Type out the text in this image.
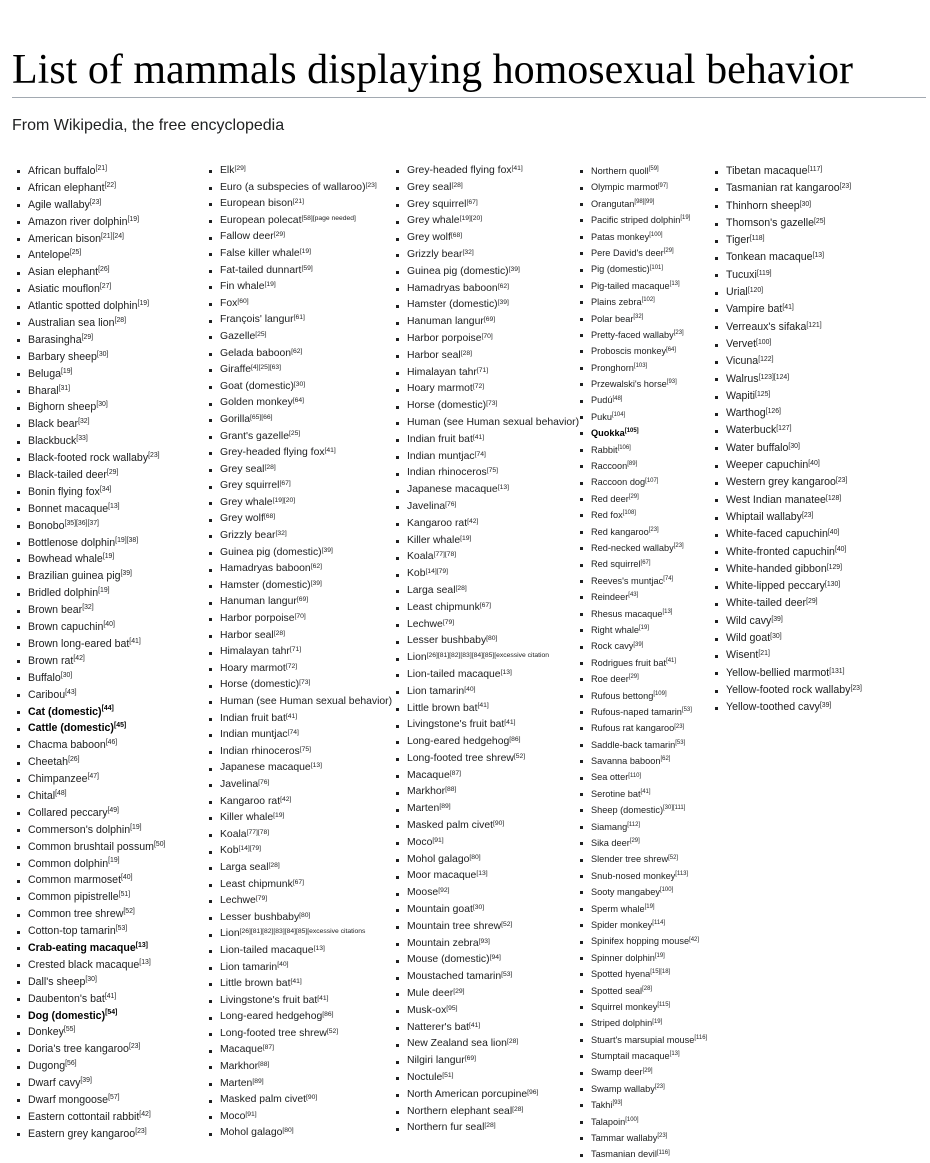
List of mammals displaying homosexual behavior
From Wikipedia, the free encyclopedia
African buffalo[21]
African elephant[22]
Agile wallaby[23]
Amazon river dolphin[19]
American bison[21][24]
Antelope[25]
Asian elephant[26]
Asiatic mouflon[27]
Atlantic spotted dolphin[19]
Australian sea lion[28]
Barasingha[29]
Barbary sheep[30]
Beluga[19]
Bharal[31]
Bighorn sheep[30]
Black bear[32]
Blackbuck[33]
Black-footed rock wallaby[23]
Black-tailed deer[29]
Bonin flying fox[34]
Bonnet macaque[13]
Bonobo[35][36][37]
Bottlenose dolphin[19][38]
Bowhead whale[19]
Brazilian guinea pig[39]
Bridled dolphin[19]
Brown bear[32]
Brown capuchin[40]
Brown long-eared bat[41]
Brown rat[42]
Buffalo[30]
Caribou[43]
Cat (domestic)[44]
Cattle (domestic)[45]
Chacma baboon[46]
Cheetah[26]
Chimpanzee[47]
Chital[48]
Collared peccary[49]
Commerson's dolphin[19]
Common brushtail possum[50]
Common dolphin[19]
Common marmoset[40]
Common pipistrelle[51]
Common tree shrew[52]
Cotton-top tamarin[53]
Crab-eating macaque[13]
Crested black macaque[13]
Dall's sheep[30]
Daubenton's bat[41]
Dog (domestic)[54]
Donkey[55]
Doria's tree kangaroo[23]
Dugong[56]
Dwarf cavy[39]
Dwarf mongoose[57]
Eastern cottontail rabbit[42]
Eastern grey kangaroo[23]
Elk[29]
Euro (a subspecies of wallaroo)[23]
European bison[21]
European polecat[58][page needed]
Fallow deer[29]
False killer whale[19]
Fat-tailed dunnart[59]
Fin whale[19]
Fox[60]
François' langur[61]
Gazelle[25]
Gelada baboon[62]
Giraffe[4][25][63]
Goat (domestic)[30]
Golden monkey[64]
Gorilla[65][66]
Grant's gazelle[25]
Grey-headed flying fox[41]
Grey seal[28]
Grey squirrel[67]
Grey whale[19][20]
Grey wolf[68]
Grizzly bear[32]
Guinea pig (domestic)[39]
Hamadryas baboon[62]
Hamster (domestic)[39]
Hanuman langur[69]
Harbor porpoise[70]
Harbor seal[28]
Himalayan tahr[71]
Hoary marmot[72]
Horse (domestic)[73]
Human (see Human sexual behavior)
Indian fruit bat[41]
Indian muntjac[74]
Indian rhinoceros[75]
Japanese macaque[13]
Javelina[76]
Kangaroo rat[42]
Killer whale[19]
Koala[77][78]
Kob[14][79]
Larga seal[28]
Least chipmunk[67]
Lechwe[79]
Lesser bushbaby[80]
Lion$^{[26][81][82][83][84][85][excessive citations}$
Lion-tailed macaque[13]
Lion tamarin[40]
Little brown bat[41]
Livingstone's fruit bat[41]
Long-eared hedgehog[86]
Long-footed tree shrew[52]
Macaque[87]
Markhor[88]
Marten[89]
Masked palm civet[90]
Moco[91]
Mohol galago[80]
Grey-headed flying fox[41]
Grey seal[28]
Grey squirrel[67]
Grey whale[19][20]
Grey wolf[68]
Grizzly bear[32]
Guinea pig (domestic)[39]
Hamadryas baboon[62]
Hamster (domestic)[39]
Hanuman langur[69]
Harbor porpoise[70]
Harbor seal[28]
Himalayan tahr[71]
Hoary marmot[72]
Horse (domestic)[73]
Human (see Human sexual behavior)
Indian fruit bat[41]
Indian muntjac[74]
Indian rhinoceros[75]
Japanese macaque[13]
Javelina[76]
Kangaroo rat[42]
Killer whale[19]
Koala[77][78]
Kob[14][79]
Larga seal[28]
Least chipmunk[67]
Lechwe[79]
Lesser bushbaby[80]
Lion$^{[26][81][82][83][84][85][excessive citation}$
Lion-tailed macaque[13]
Lion tamarin[40]
Little brown bat[41]
Livingstone's fruit bat[41]
Long-eared hedgehog[86]
Long-footed tree shrew[52]
Macaque[87]
Markhor[88]
Marten[89]
Masked palm civet[90]
Moco[91]
Mohol galago[80]
Moor macaque[13]
Moose[92]
Mountain goat[30]
Mountain tree shrew[52]
Mountain zebra[93]
Mouse (domestic)[94]
Moustached tamarin[53]
Mule deer[29]
Musk-ox[95]
Natterer's bat[41]
New Zealand sea lion[28]
Nilgiri langur[69]
Noctule[51]
North American porcupine[96]
Northern elephant seal[28]
Northern fur seal[28]
Northern quoll[59]
Olympic marmot[97]
Orangutan[98][99]
Pacific striped dolphin[19]
Patas monkey[100]
Pere David's deer[29]
Pig (domestic)[101]
Pig-tailed macaque[13]
Plains zebra[102]
Polar bear[32]
Pretty-faced wallaby[23]
Proboscis monkey[64]
Pronghorn[103]
Przewalski's horse[93]
Pudú[48]
Puku[104]
Quokka[105]
Rabbit[106]
Raccoon[89]
Raccoon dog[107]
Red deer[29]
Red fox[108]
Red kangaroo[23]
Red-necked wallaby[23]
Red squirrel[67]
Reeves's muntjac[74]
Reindeer[43]
Rhesus macaque[13]
Right whale[19]
Rock cavy[39]
Rodrigues fruit bat[41]
Roe deer[29]
Rufous bettong[109]
Rufous-naped tamarin[53]
Rufous rat kangaroo[23]
Saddle-back tamarin[53]
Savanna baboon[62]
Sea otter[110]
Serotine bat[41]
Sheep (domestic)[30][111]
Siamang[112]
Sika deer[29]
Slender tree shrew[52]
Snub-nosed monkey[113]
Sooty mangabey[100]
Sperm whale[19]
Spider monkey[114]
Spinifex hopping mouse[42]
Spinner dolphin[19]
Spotted hyena[15][18]
Spotted seal[28]
Squirrel monkey[115]
Striped dolphin[19]
Stuart's marsupial mouse[116]
Stumptail macaque[13]
Swamp deer[29]
Swamp wallaby[23]
Takhi[93]
Talapoin[100]
Tammar wallaby[23]
Tasmanian devil[116]
Tibetan macaque[117]
Tasmanian rat kangaroo[23]
Thinhorn sheep[30]
Thomson's gazelle[25]
Tiger[118]
Tonkean macaque[13]
Tucuxi[119]
Urial[120]
Vampire bat[41]
Verreaux's sifaka[121]
Vervet[100]
Vicuna[122]
Walrus[123][124]
Wapiti[125]
Warthog[126]
Waterbuck[127]
Water buffalo[30]
Weeper capuchin[40]
Western grey kangaroo[23]
West Indian manatee[128]
Whiptail wallaby[23]
White-faced capuchin[40]
White-fronted capuchin[40]
White-handed gibbon[129]
White-lipped peccary[130]
White-tailed deer[29]
Wild cavy[39]
Wild goat[30]
Wisent[21]
Yellow-bellied marmot[131]
Yellow-footed rock wallaby[23]
Yellow-toothed cavy[39]
